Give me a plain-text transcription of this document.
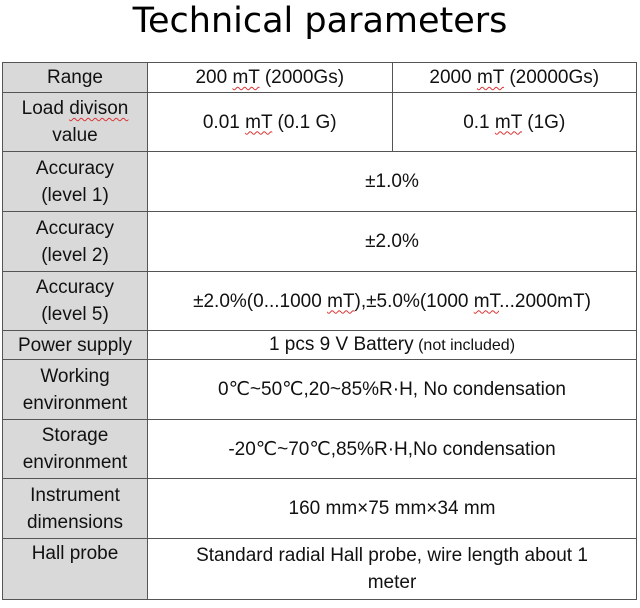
Technical parameters
Range	200 mT (2000Gs)	2000 mT (20000Gs)
Load divison
value	0.01 mT (0.1 G)	0.1 mT (1G)
Accuracy
(level 1)	±1.0%	
Accuracy
(level 2)	±2.0%	
Accuracy
(level 5)	±2.0%(0...1000 mT),±5.0%(1000 mT...2000mT)	
Power supply	1 pcs 9 V Battery (not included)	
Working
environment	0℃~50℃,20~85%R·H, No condensation	
Storage
environment	-20℃~70℃,85%R·H,No condensation	
Instrument
dimensions	160 mm×75 mm×34 mm	
Hall probe	Standard radial Hall probe, wire length about 1
meter	
